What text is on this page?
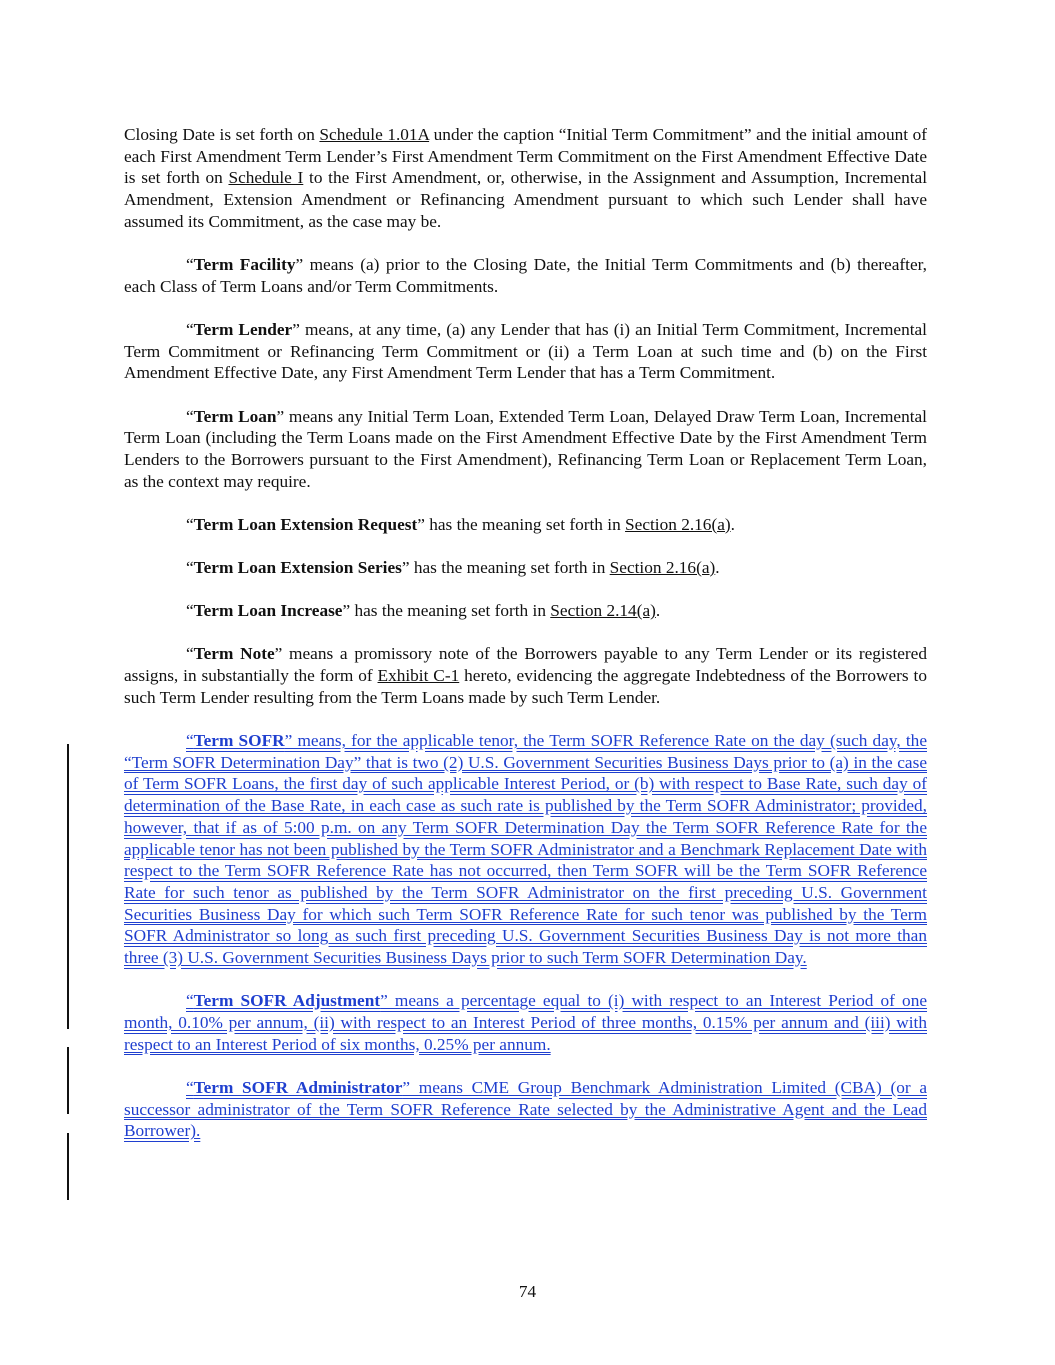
Closing Date is set forth on Schedule 1.01A under the caption “Initial Term Commitment” and the initial amount of each First Amendment Term Lender’s First Amendment Term Commitment on the First Amendment Effective Date is set forth on Schedule I to the First Amendment, or, otherwise, in the Assignment and Assumption, Incremental Amendment, Extension Amendment or Refinancing Amendment pursuant to which such Lender shall have assumed its Commitment, as the case may be.

“Term Facility” means (a) prior to the Closing Date, the Initial Term Commitments and (b) thereafter, each Class of Term Loans and/or Term Commitments.

“Term Lender” means, at any time, (a) any Lender that has (i) an Initial Term Commitment, Incremental Term Commitment or Refinancing Term Commitment or (ii) a Term Loan at such time and (b) on the First Amendment Effective Date, any First Amendment Term Lender that has a Term Commitment.

“Term Loan” means any Initial Term Loan, Extended Term Loan, Delayed Draw Term Loan, Incremental Term Loan (including the Term Loans made on the First Amendment Effective Date by the First Amendment Term Lenders to the Borrowers pursuant to the First Amendment), Refinancing Term Loan or Replacement Term Loan, as the context may require.

“Term Loan Extension Request” has the meaning set forth in Section 2.16(a).

“Term Loan Extension Series” has the meaning set forth in Section 2.16(a).

“Term Loan Increase” has the meaning set forth in Section 2.14(a).

“Term Note” means a promissory note of the Borrowers payable to any Term Lender or its registered assigns, in substantially the form of Exhibit C-1 hereto, evidencing the aggregate Indebtedness of the Borrowers to such Term Lender resulting from the Term Loans made by such Term Lender.

“Term SOFR” means, for the applicable tenor, the Term SOFR Reference Rate on the day (such day, the “Term SOFR Determination Day” that is two (2) U.S. Government Securities Business Days prior to (a) in the case of Term SOFR Loans, the first day of such applicable Interest Period, or (b) with respect to Base Rate, such day of determination of the Base Rate, in each case as such rate is published by the Term SOFR Administrator; provided, however, that if as of 5:00 p.m. on any Term SOFR Determination Day the Term SOFR Reference Rate for the applicable tenor has not been published by the Term SOFR Administrator and a Benchmark Replacement Date with respect to the Term SOFR Reference Rate has not occurred, then Term SOFR will be the Term SOFR Reference Rate for such tenor as published by the Term SOFR Administrator on the first preceding U.S. Government Securities Business Day for which such Term SOFR Reference Rate for such tenor was published by the Term SOFR Administrator so long as such first preceding U.S. Government Securities Business Day is not more than three (3) U.S. Government Securities Business Days prior to such Term SOFR Determination Day.

“Term SOFR Adjustment” means a percentage equal to (i) with respect to an Interest Period of one month, 0.10% per annum, (ii) with respect to an Interest Period of three months, 0.15% per annum and (iii) with respect to an Interest Period of six months, 0.25% per annum.

“Term SOFR Administrator” means CME Group Benchmark Administration Limited (CBA) (or a successor administrator of the Term SOFR Reference Rate selected by the Administrative Agent and the Lead Borrower).

74
